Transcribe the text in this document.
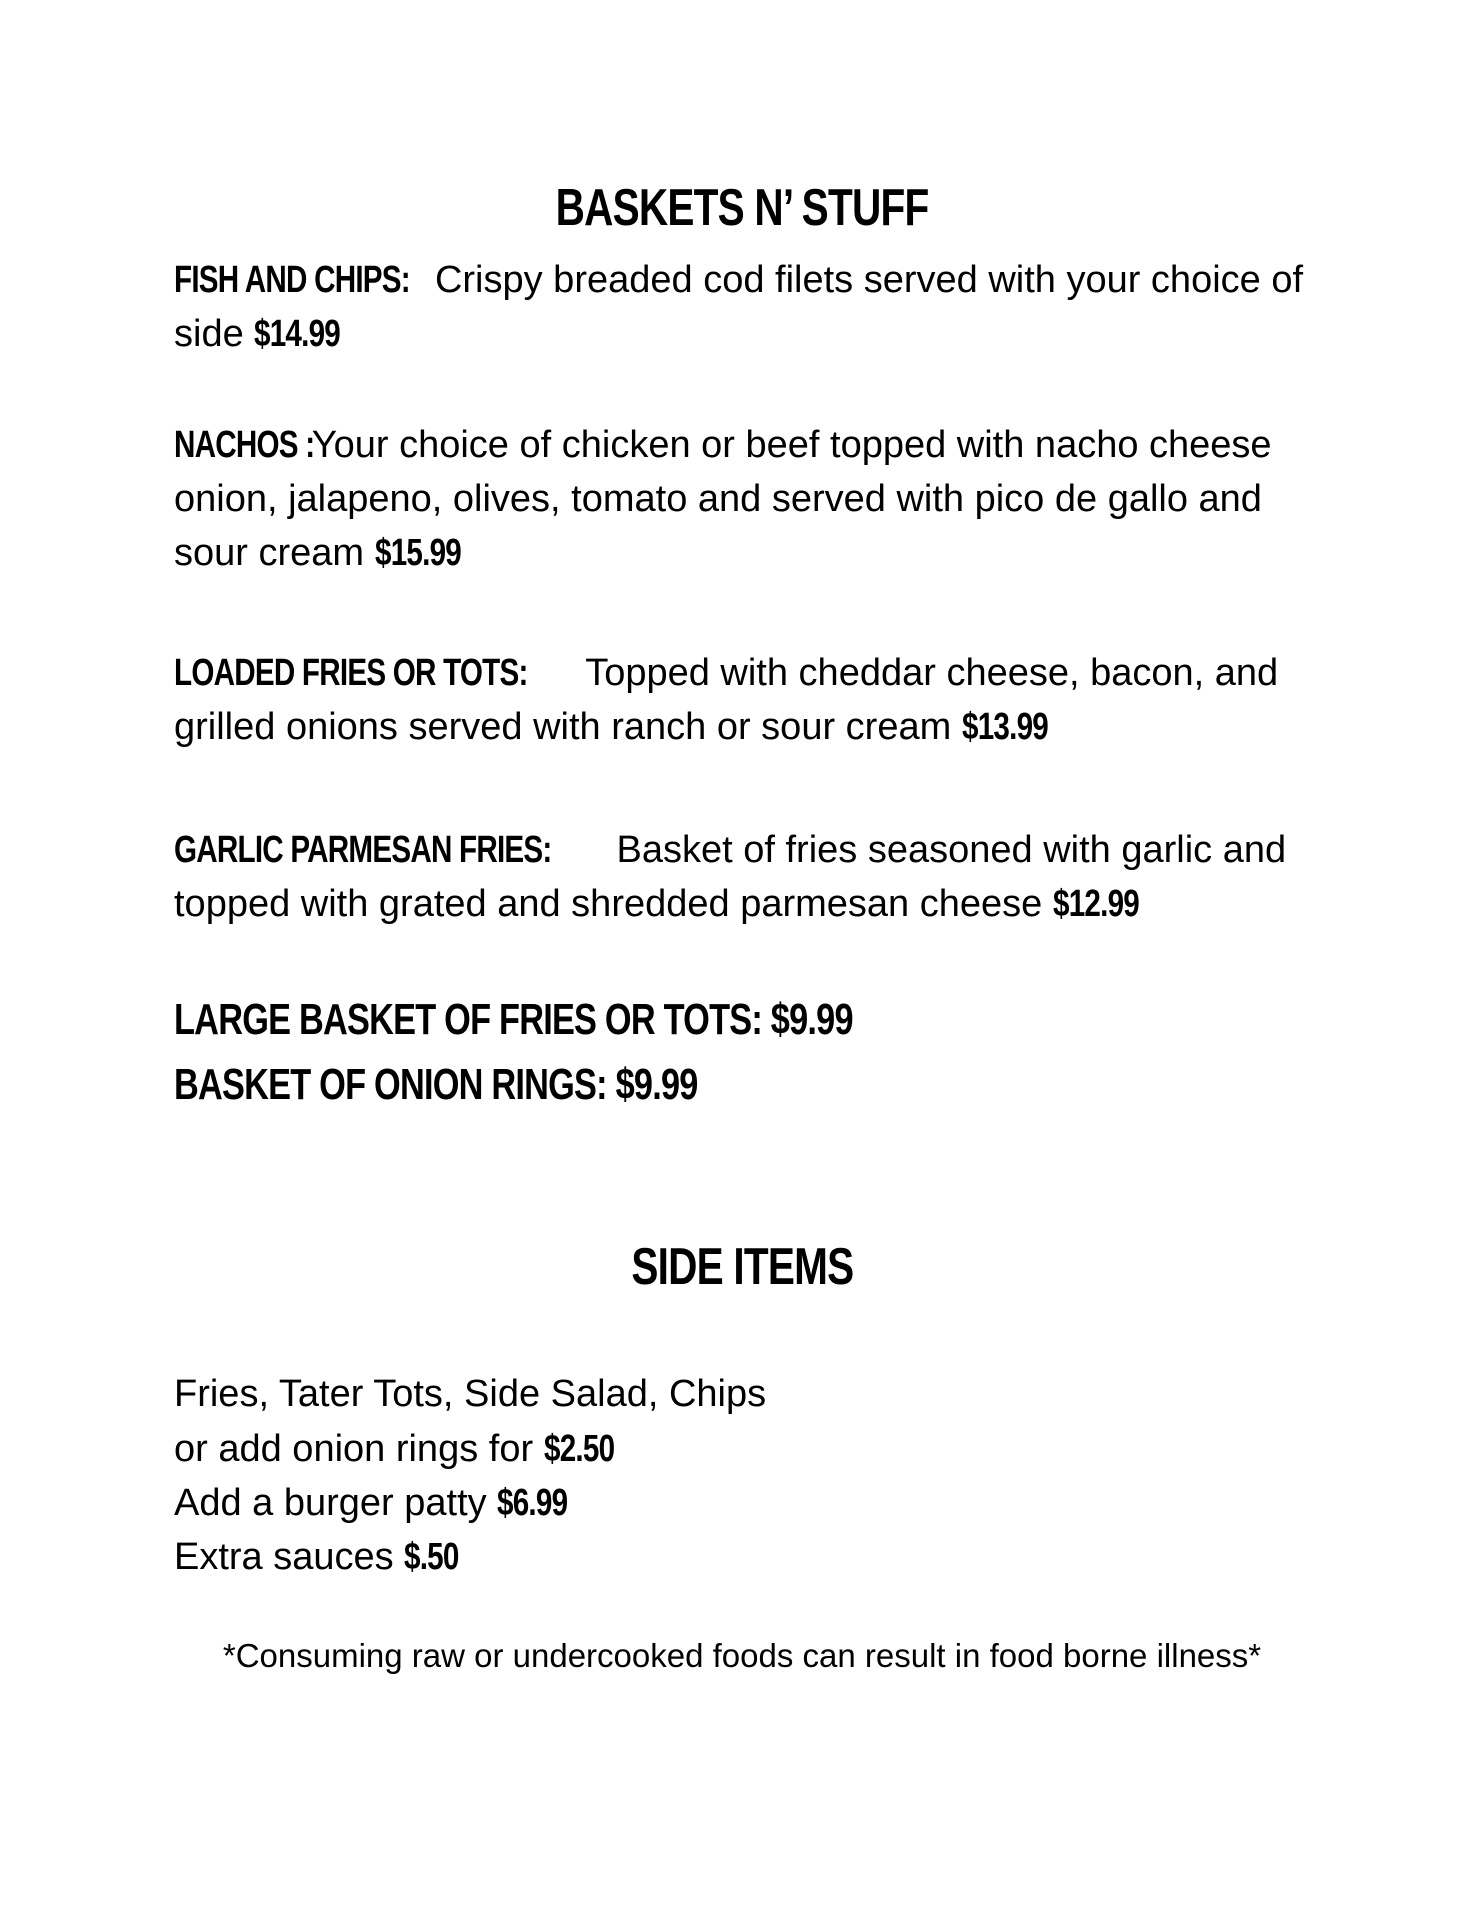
BASKETS N’ STUFF
FISH AND CHIPS: Crispy breaded cod filets served with your choice of side $14.99
NACHOS : Your choice of chicken or beef topped with nacho cheese onion, jalapeno, olives, tomato and served with pico de gallo and sour cream $15.99
LOADED FRIES OR TOTS: Topped with cheddar cheese, bacon, and grilled onions served with ranch or sour cream $13.99
GARLIC PARMESAN FRIES: Basket of fries seasoned with garlic and topped with grated and shredded parmesan cheese $12.99
LARGE BASKET OF FRIES OR TOTS: $9.99
BASKET OF ONION RINGS: $9.99
SIDE ITEMS
Fries, Tater Tots, Side Salad, Chips
or add onion rings for $2.50
Add a burger patty $6.99
Extra sauces $.50
*Consuming raw or undercooked foods can result in food borne illness*
